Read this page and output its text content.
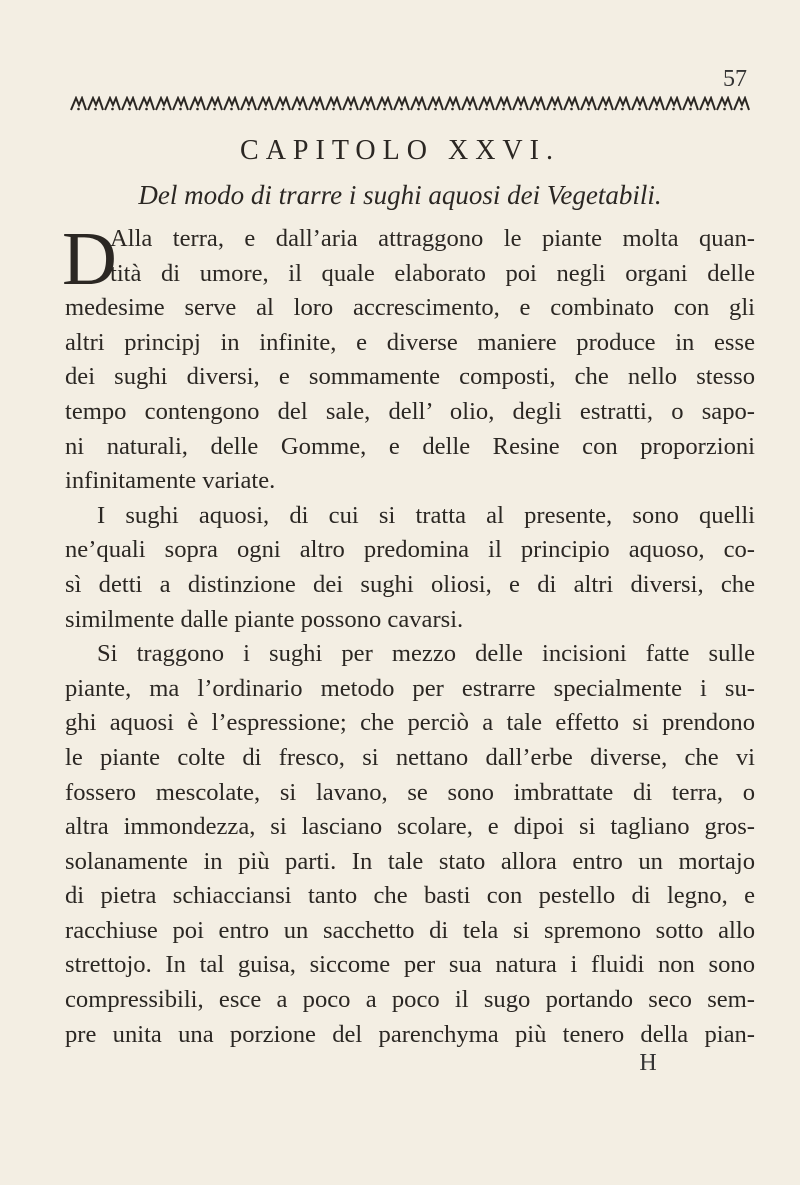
57
CAPITOLO XXVI.
Del modo di trarre i sughi aquosi dei Vegetabili.
D
Alla terra, e dall’aria attraggono le piante molta quan-
tità di umore, il quale elaborato poi negli organi delle
medesime serve al loro accrescimento, e combinato con gli
altri principj in infinite, e diverse maniere produce in esse
dei sughi diversi, e sommamente composti, che nello stesso
tempo contengono del sale, dell’ olio, degli estratti, o sapo-
ni naturali, delle Gomme, e delle Resine con proporzioni
infinitamente variate.
I sughi aquosi, di cui si tratta al presente, sono quelli
ne’quali sopra ogni altro predomina il principio aquoso, co-
sì detti a distinzione dei sughi oliosi, e di altri diversi, che
similmente dalle piante possono cavarsi.
Si traggono i sughi per mezzo delle incisioni fatte sulle
piante, ma l’ordinario metodo per estrarre specialmente i su-
ghi aquosi è l’espressione; che perciò a tale effetto si prendono
le piante colte di fresco, si nettano dall’erbe diverse, che vi
fossero mescolate, si lavano, se sono imbrattate di terra, o
altra immondezza, si lasciano scolare, e dipoi si tagliano gros-
solanamente in più parti. In tale stato allora entro un mortajo
di pietra schiacciansi tanto che basti con pestello di legno, e
racchiuse poi entro un sacchetto di tela si spremono sotto allo
strettojo. In tal guisa, siccome per sua natura i fluidi non sono
compressibili, esce a poco a poco il sugo portando seco sem-
pre unita una porzione del parenchyma più tenero della pian-
H
